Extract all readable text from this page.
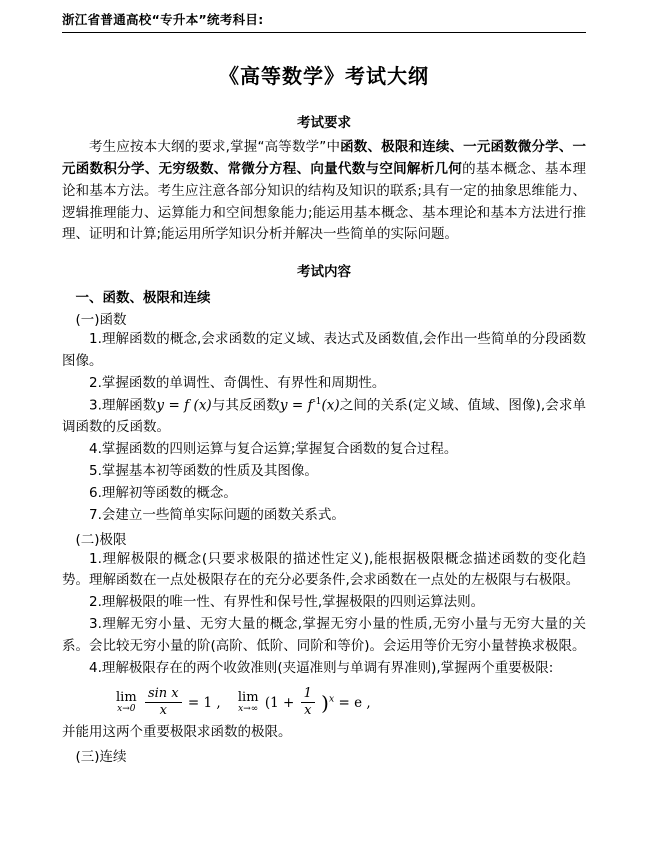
浙江省普通高校“专升本”统考科目:
《高等数学》考试大纲
考试要求

考生应按本大纲的要求,掌握“高等数学”中函数、极限和连续、一元函数微分学、一元函数积分学、无穷级数、常微分方程、向量代数与空间解析几何的基本概念、基本理论和基本方法。考生应注意各部分知识的结构及知识的联系;具有一定的抽象思维能力、逻辑推理能力、运算能力和空间想象能力;能运用基本概念、基本理论和基本方法进行推理、证明和计算;能运用所学知识分析并解决一些简单的实际问题。

考试内容
一、函数、极限和连续
(一)函数

1.理解函数的概念,会求函数的定义域、表达式及函数值,会作出一些简单的分段函数图像。

2.掌握函数的单调性、奇偶性、有界性和周期性。

3.理解函数y = f (x)与其反函数$y = f^{-1}(x)$之间的关系(定义域、值域、图像),会求单调函数的反函数。

4.掌握函数的四则运算与复合运算;掌握复合函数的复合过程。

5.掌握基本初等函数的性质及其图像。

6.理解初等函数的概念。

7.会建立一些简单实际问题的函数关系式。

(二)极限

1.理解极限的概念(只要求极限的描述性定义),能根据极限概念描述函数的变化趋势。理解函数在一点处极限存在的充分必要条件,会求函数在一点处的左极限与右极限。

2.理解极限的唯一性、有界性和保号性,掌握极限的四则运算法则。

3.理解无穷小量、无穷大量的概念,掌握无穷小量的性质,无穷小量与无穷大量的关系。会比较无穷小量的阶(高阶、低阶、同阶和等价)。会运用等价无穷小量替换求极限。

4.理解极限存在的两个收敛准则(夹逼准则与单调有界准则),掌握两个重要极限:

lim
x→0
$\frac{\text{sin x}}{x} = 1$ , lim
x→∞ $(1 + \frac{1}{x} )^x = e$ ,

并能用这两个重要极限求函数的极限。

(三)连续
